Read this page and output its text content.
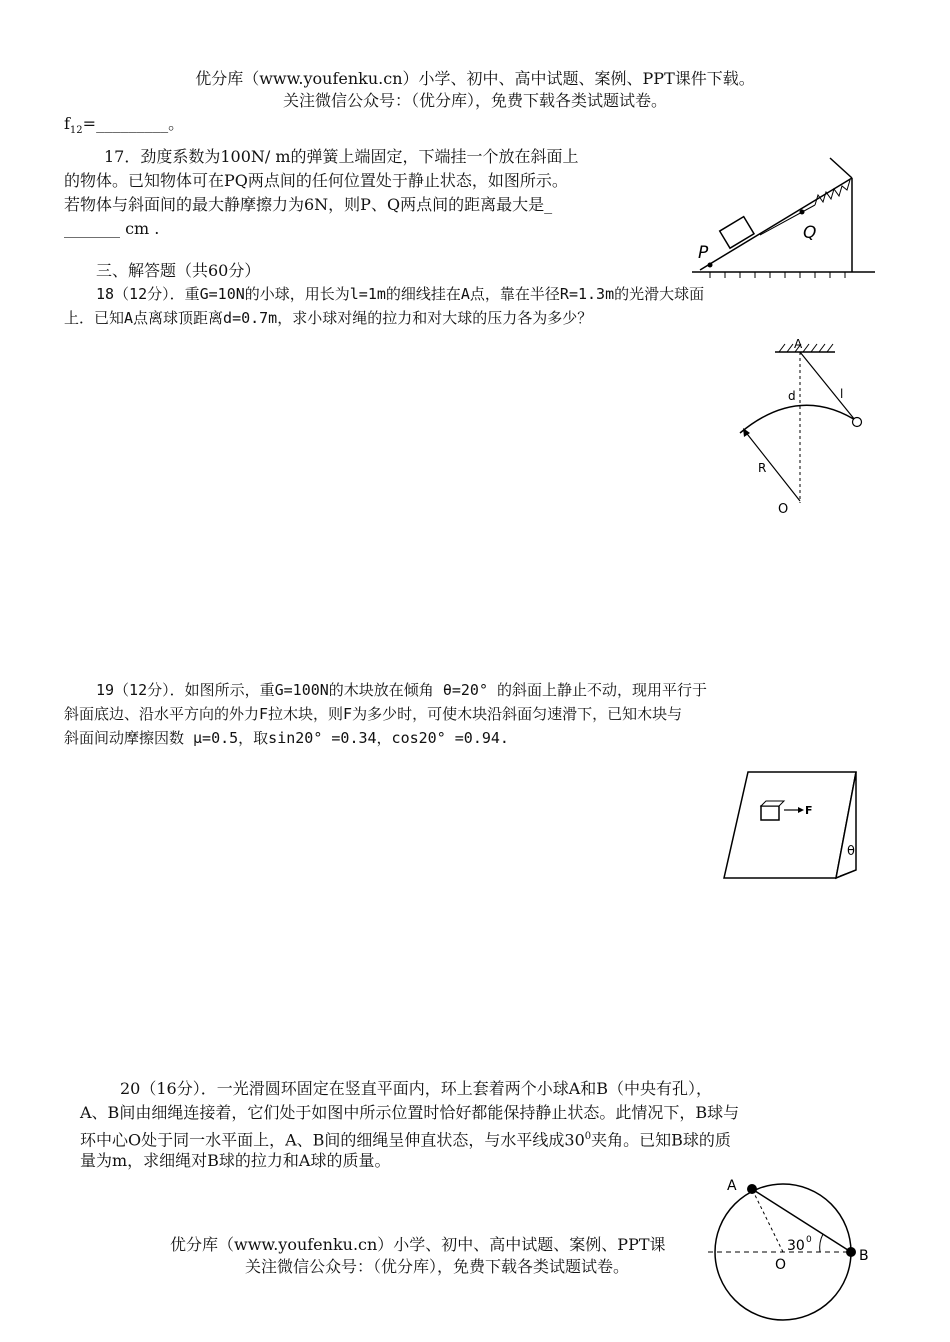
优分库（www.youfenku.cn）小学、初中、高中试题、案例、PPT课件下载。
关注微信公众号：（优分库），免费下载各类试题试卷。
$f_{12}=\_\_\_\_\_\_\_\_\_$。
17．劲度系数为100N/ m的弹簧上端固定，下端挂一个放在斜面上
的物体。已知物体可在PQ两点间的任何位置处于静止状态，如图所示。
若物体与斜面间的最大静摩擦力为6N，则P、Q两点间的距离最大是_
_______ cm .
P
Q
三、解答题（共60分）
18（12分）．重G=10N的小球，用长为l=1m的细线挂在A点，靠在半径R=1.3m的光滑大球面
上．已知A点离球顶距离d=0.7m，求小球对绳的拉力和对大球的压力各为多少？
A
d	l
R
O
19（12分）．如图所示，重G=100N的木块放在倾角 θ=20° 的斜面上静止不动，现用平行于
斜面底边、沿水平方向的外力F拉木块，则F为多少时，可使木块沿斜面匀速滑下，已知木块与
斜面间动摩擦因数 μ=0.5，取sin20° =0.34，cos20° =0.94.
F
θ
20（16分）．一光滑圆环固定在竖直平面内，环上套着两个小球A和B（中央有孔），
A、B间由细绳连接着，它们处于如图中所示位置时恰好都能保持静止状态。此情况下，B球与
环中心O处于同一水平面上，A、B间的细绳呈伸直状态，与水平线成$30^0$夹角。已知B球的质
量为m，求细绳对B球的拉力和A球的质量。
A
B
O
30 0
优分库（www.youfenku.cn）小学、初中、高中试题、案例、PPT课
关注微信公众号：（优分库），免费下载各类试题试卷。
